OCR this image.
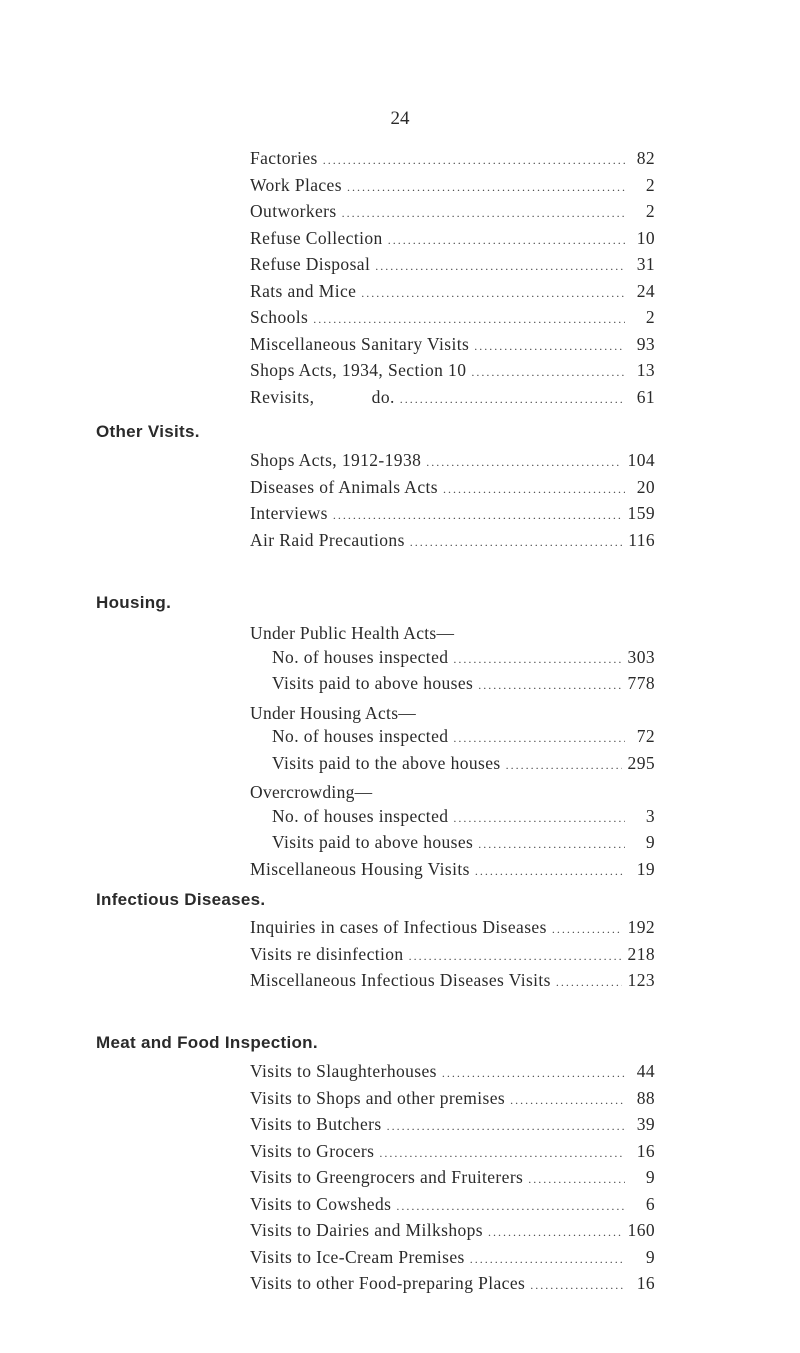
24
Factories .....	82
Work Places .....	2
Outworkers .....	2
Refuse Collection .....	10
Refuse Disposal .....	31
Rats and Mice .....	24
Schools .....	2
Miscellaneous Sanitary Visits .....	93
Shops Acts, 1934, Section 10 .....	13
Revisits,            do. .....	61
Other Visits.
Shops Acts, 1912-1938 .....	104
Diseases of Animals Acts .....	20
Interviews .....	159
Air Raid Precautions .....	116
Housing.
Under Public Health Acts—
No. of houses inspected .....	303
Visits paid to above houses .....	778
Under Housing Acts—
No. of houses inspected .....	72
Visits paid to the above houses .....	295
Overcrowding—
No. of houses inspected .....	3
Visits paid to above houses .....	9
Miscellaneous Housing Visits .....	19
Infectious Diseases.
Inquiries in cases of Infectious Diseases .....	192
Visits re disinfection .....	218
Miscellaneous Infectious Diseases Visits .....	123
Meat and Food Inspection.
Visits to Slaughterhouses .....	44
Visits to Shops and other premises .....	88
Visits to Butchers .....	39
Visits to Grocers .....	16
Visits to Greengrocers and Fruiterers .....	9
Visits to Cowsheds .....	6
Visits to Dairies and Milkshops .....	160
Visits to Ice-Cream Premises .....	9
Visits to other Food-preparing Places .....	16
